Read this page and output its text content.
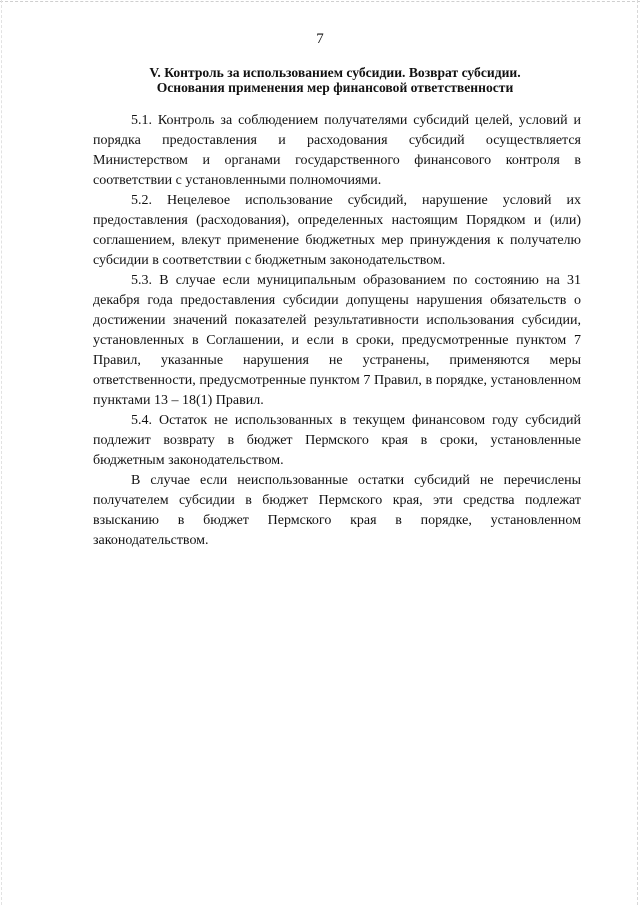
7
V. Контроль за использованием субсидии. Возврат субсидии.
Основания применения мер финансовой ответственности

5.1. Контроль за соблюдением получателями субсидий целей, условий и порядка предоставления и расходования субсидий осуществляется Министерством и органами государственного финансового контроля в соответствии с установленными полномочиями.

5.2. Нецелевое использование субсидий, нарушение условий их предоставления (расходования), определенных настоящим Порядком и (или) соглашением, влекут применение бюджетных мер принуждения к получателю субсидии в соответствии с бюджетным законодательством.

5.3. В случае если муниципальным образованием по состоянию на 31 декабря года предоставления субсидии допущены нарушения обязательств о достижении значений показателей результативности использования субсидии, установленных в Соглашении, и если в сроки, предусмотренные пунктом 7 Правил, указанные нарушения не устранены, применяются меры ответственности, предусмотренные пунктом 7 Правил, в порядке, установленном пунктами 13 – 18(1) Правил.

5.4. Остаток не использованных в текущем финансовом году субсидий подлежит возврату в бюджет Пермского края в сроки, установленные бюджетным законодательством.

В случае если неиспользованные остатки субсидий не перечислены получателем субсидии в бюджет Пермского края, эти средства подлежат взысканию в бюджет Пермского края в порядке, установленном законодательством.
